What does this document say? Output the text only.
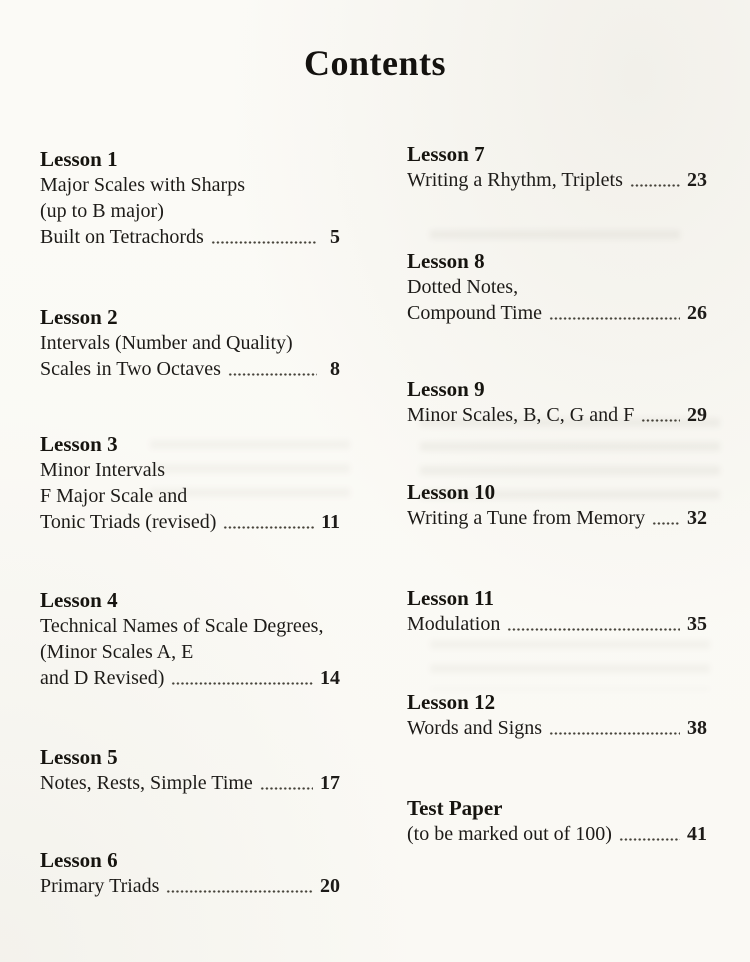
Contents
Lesson 1

Major Scales with Sharps

(up to B major)

Built on Tetrachords	5

Lesson 2

Intervals (Number and Quality)

Scales in Two Octaves	8

Lesson 3

Minor Intervals

F Major Scale and

Tonic Triads (revised)	11

Lesson 4

Technical Names of Scale Degrees,

(Minor Scales A, E

and D Revised)	14

Lesson 5

Notes, Rests, Simple Time	17

Lesson 6

Primary Triads	20

Lesson 7

Writing a Rhythm, Triplets	23

Lesson 8

Dotted Notes,

Compound Time	26

Lesson 9

Minor Scales, B, C, G and F	29

Lesson 10

Writing a Tune from Memory 32

Lesson 11

Modulation	35

Lesson 12

Words and Signs	38

Test Paper

(to be marked out of 100)	41
